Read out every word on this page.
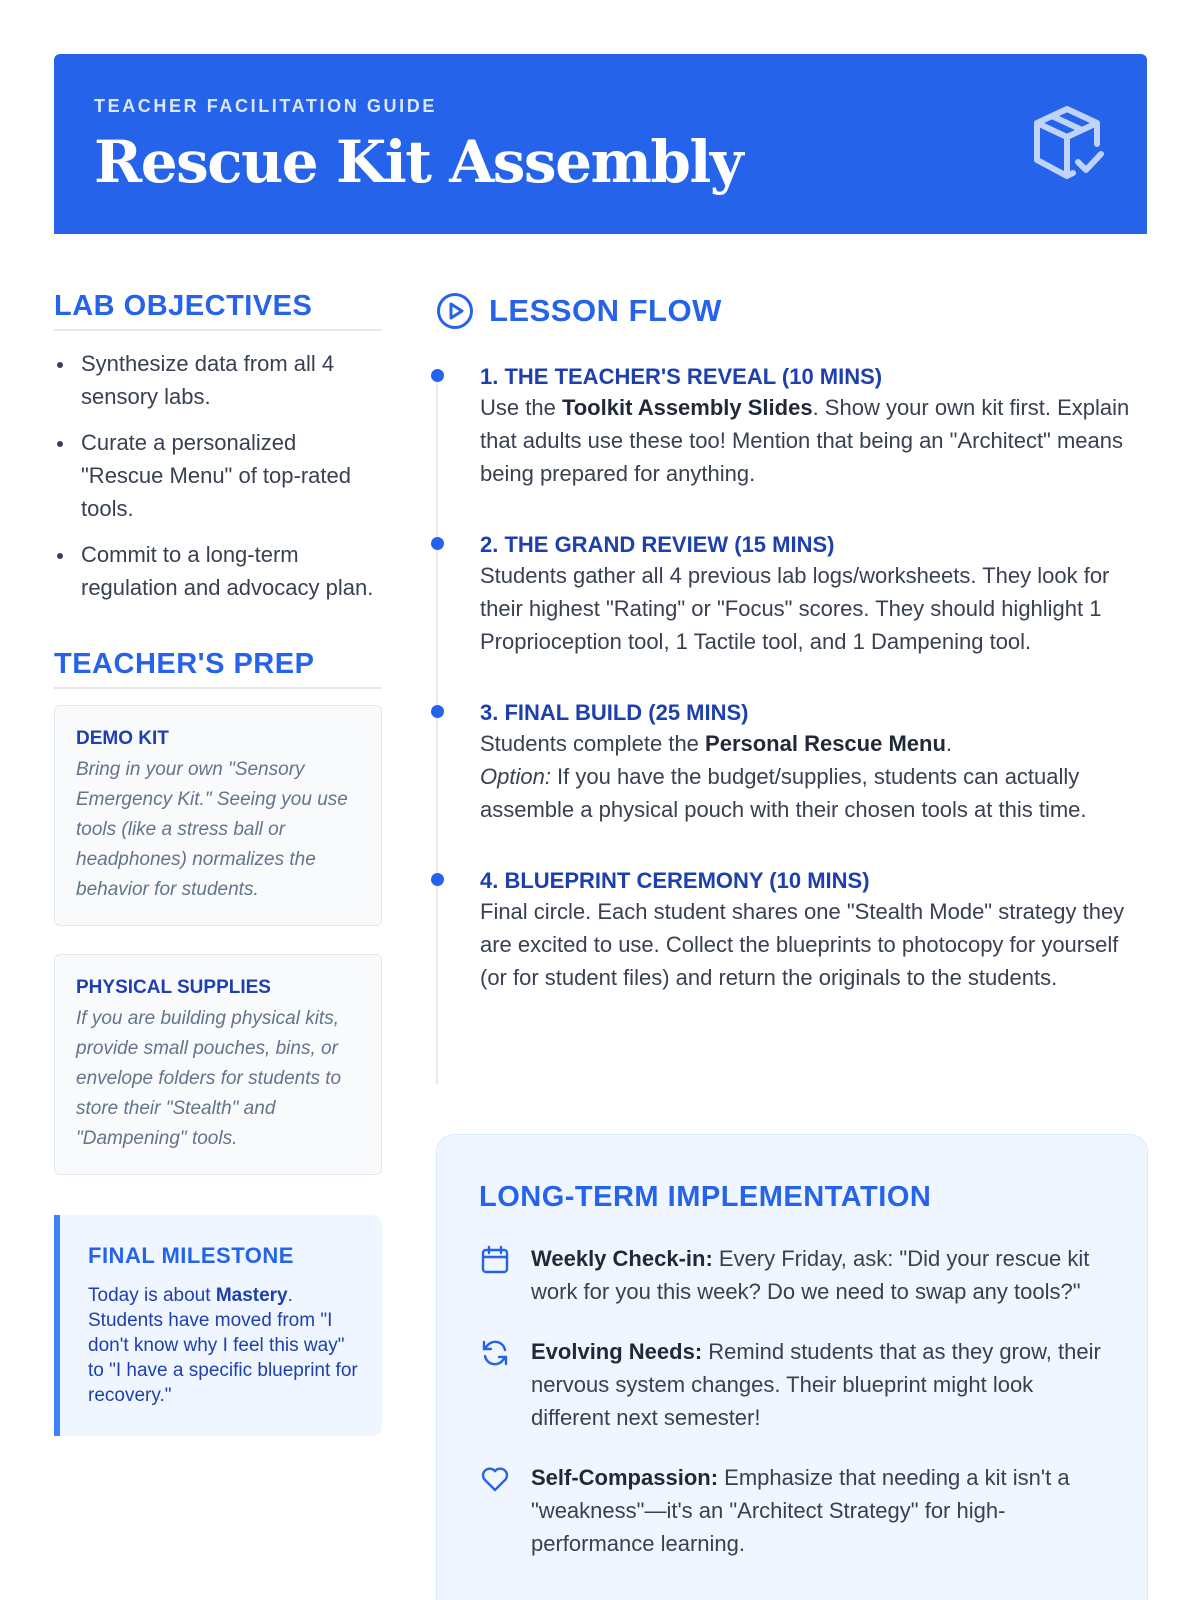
TEACHER FACILITATION GUIDE
Rescue Kit Assembly
LAB OBJECTIVES
Synthesize data from all 4 sensory labs.
Curate a personalized "Rescue Menu" of top-rated tools.
Commit to a long-term regulation and advocacy plan.
TEACHER'S PREP
DEMO KIT
Bring in your own "Sensory Emergency Kit." Seeing you use tools (like a stress ball or headphones) normalizes the behavior for students.
PHYSICAL SUPPLIES
If you are building physical kits, provide small pouches, bins, or envelope folders for students to store their "Stealth" and "Dampening" tools.
FINAL MILESTONE
Today is about Mastery. Students have moved from "I don't know why I feel this way" to "I have a specific blueprint for recovery."
LESSON FLOW
1. THE TEACHER'S REVEAL (10 MINS)
Use the Toolkit Assembly Slides. Show your own kit first. Explain that adults use these too! Mention that being an "Architect" means being prepared for anything.
2. THE GRAND REVIEW (15 MINS)
Students gather all 4 previous lab logs/worksheets. They look for their highest "Rating" or "Focus" scores. They should highlight 1 Proprioception tool, 1 Tactile tool, and 1 Dampening tool.
3. FINAL BUILD (25 MINS)
Students complete the Personal Rescue Menu.
Option: If you have the budget/supplies, students can actually assemble a physical pouch with their chosen tools at this time.
4. BLUEPRINT CEREMONY (10 MINS)
Final circle. Each student shares one "Stealth Mode" strategy they are excited to use. Collect the blueprints to photocopy for yourself (or for student files) and return the originals to the students.
LONG-TERM IMPLEMENTATION
Weekly Check-in: Every Friday, ask: "Did your rescue kit work for you this week? Do we need to swap any tools?"
Evolving Needs: Remind students that as they grow, their nervous system changes. Their blueprint might look different next semester!
Self-Compassion: Emphasize that needing a kit isn't a "weakness"—it's an "Architect Strategy" for high-performance learning.
